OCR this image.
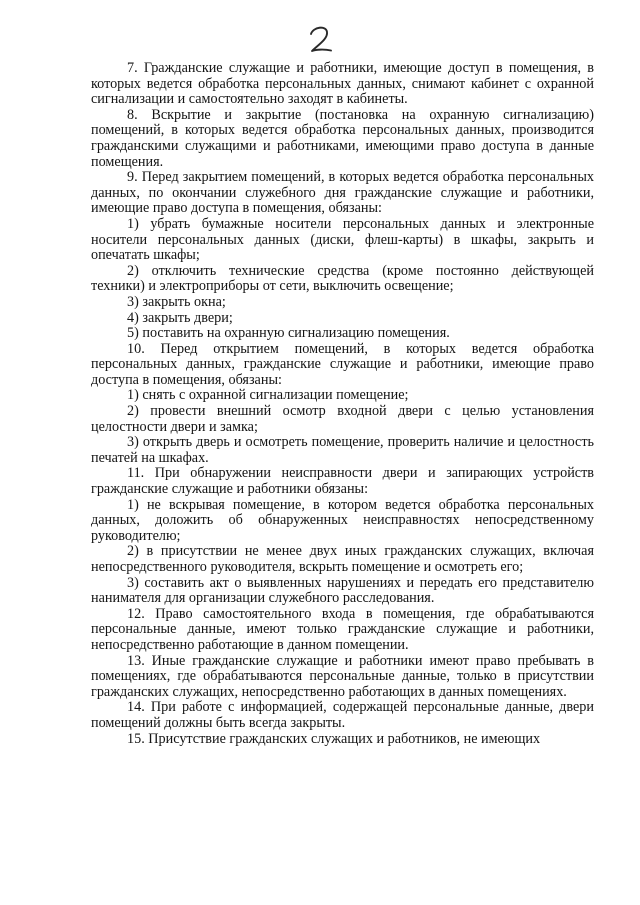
7. Гражданские служащие и работники, имеющие доступ в помещения, в которых ведется обработка персональных данных, снимают кабинет с охранной сигнализации и самостоятельно заходят в кабинеты.

8. Вскрытие и закрытие (постановка на охранную сигнализацию) помещений, в которых ведется обработка персональных данных, производится гражданскими служащими и работниками, имеющими право доступа в данные помещения.

9. Перед закрытием помещений, в которых ведется обработка персональных данных, по окончании служебного дня гражданские служащие и работники, имеющие право доступа в помещения, обязаны:

1) убрать бумажные носители персональных данных и электронные носители персональных данных (диски, флеш-карты) в шкафы, закрыть и опечатать шкафы;

2) отключить технические средства (кроме постоянно действующей техники) и электроприборы от сети, выключить освещение;

3) закрыть окна;

4) закрыть двери;

5) поставить на охранную сигнализацию помещения.

10. Перед открытием помещений, в которых ведется обработка персональных данных, гражданские служащие и работники, имеющие право доступа в помещения, обязаны:

1) снять с охранной сигнализации помещение;

2) провести внешний осмотр входной двери с целью установления целостности двери и замка;

3) открыть дверь и осмотреть помещение, проверить наличие и целостность печатей на шкафах.

11. При обнаружении неисправности двери и запирающих устройств гражданские служащие и работники обязаны:

1) не вскрывая помещение, в котором ведется обработка персональных данных, доложить об обнаруженных неисправностях непосредственному руководителю;

2) в присутствии не менее двух иных гражданских служащих, включая непосредственного руководителя, вскрыть помещение и осмотреть его;

3) составить акт о выявленных нарушениях и передать его представителю нанимателя для организации служебного расследования.

12. Право самостоятельного входа в помещения, где обрабатываются персональные данные, имеют только гражданские служащие и работники, непосредственно работающие в данном помещении.

13. Иные гражданские служащие и работники имеют право пребывать в помещениях, где обрабатываются персональные данные, только в присутствии гражданских служащих, непосредственно работающих в данных помещениях.

14. При работе с информацией, содержащей персональные данные, двери помещений должны быть всегда закрыты.

15. Присутствие гражданских служащих и работников, не имеющих
